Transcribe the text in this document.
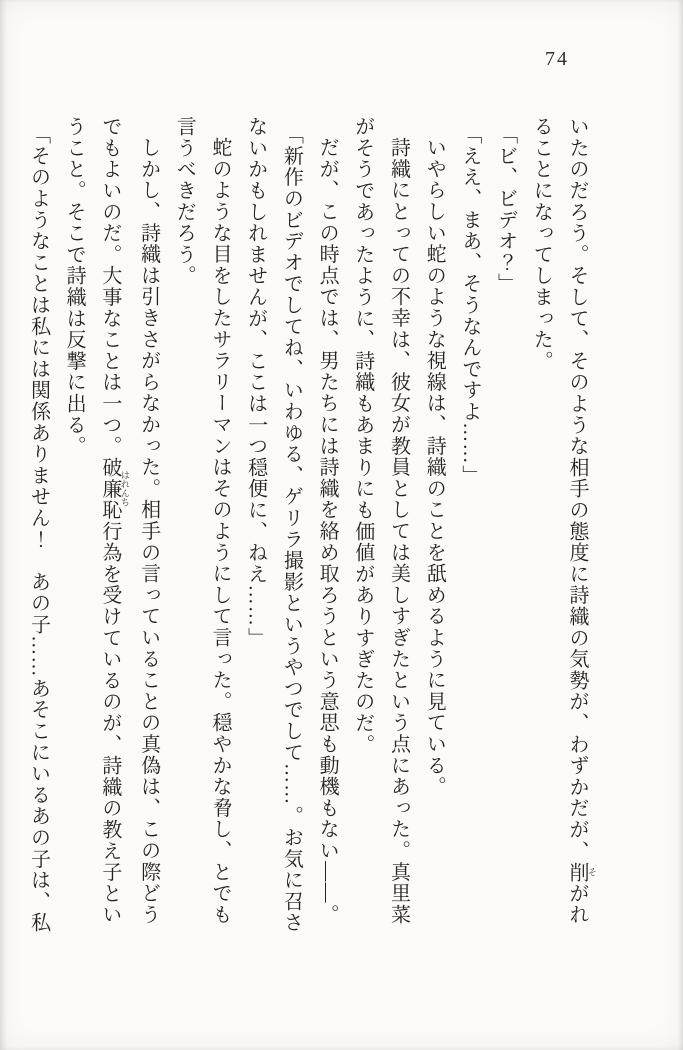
74

いたのだろう。そして、そのような相手の態度に詩織の気勢が、わずかだが、削 そがれ

ることになってしまった。

「ビ、ビデオ？」

「ええ、まあ、そうなんですよ……」

いやらしい蛇のような視線は、詩織のことを舐めるように見ている。

詩織にとっての不幸は、彼女が教員としては美しすぎたという点にあった。真里菜

がそうであったように、詩織もあまりにも価値がありすぎたのだ。

だが、この時点では、男たちには詩織を絡め取ろうという意思も動機もない――。

「新作のビデオでしてね、いわゆる、ゲリラ撮影というやつでして……。お気に召さ

ないかもしれませんが、ここは一つ穏便に、ねえ……」

蛇のような目をしたサラリーマンはそのようにして言った。穏やかな脅し、とでも

言うべきだろう。

しかし、詩織は引きさがらなかった。相手の言っていることの真偽は、この際どう

でもよいのだ。大事なことは一つ。破廉恥 はれんち行為を受けているのが、詩織の教え子とい

うこと。そこで詩織は反撃に出る。

「そのようなことは私には関係ありません！　あの子……あそこにいるあの子は、私
